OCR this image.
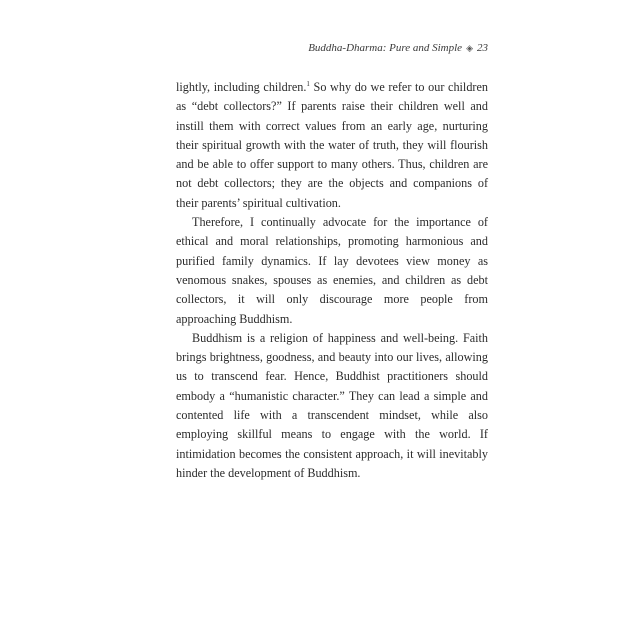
Buddha-Dharma: Pure and Simple ◈ 23

lightly, including children.$^1$ So why do we refer to our children as “debt collectors?” If parents raise their children well and instill them with correct values from an early age, nurturing their spiritual growth with the water of truth, they will flourish and be able to offer support to many others. Thus, children are not debt collectors; they are the objects and companions of their parents’ spiritual cultivation.

Therefore, I continually advocate for the importance of ethical and moral relationships, promoting harmonious and purified family dynamics. If lay devotees view money as venomous snakes, spouses as enemies, and children as debt collectors, it will only discourage more people from approaching Buddhism.

Buddhism is a religion of happiness and well-being. Faith brings brightness, goodness, and beauty into our lives, allowing us to transcend fear. Hence, Buddhist practitioners should embody a “humanistic character.” They can lead a simple and contented life with a transcendent mindset, while also employing skillful means to engage with the world. If intimidation becomes the consistent approach, it will inevitably hinder the development of Buddhism.
